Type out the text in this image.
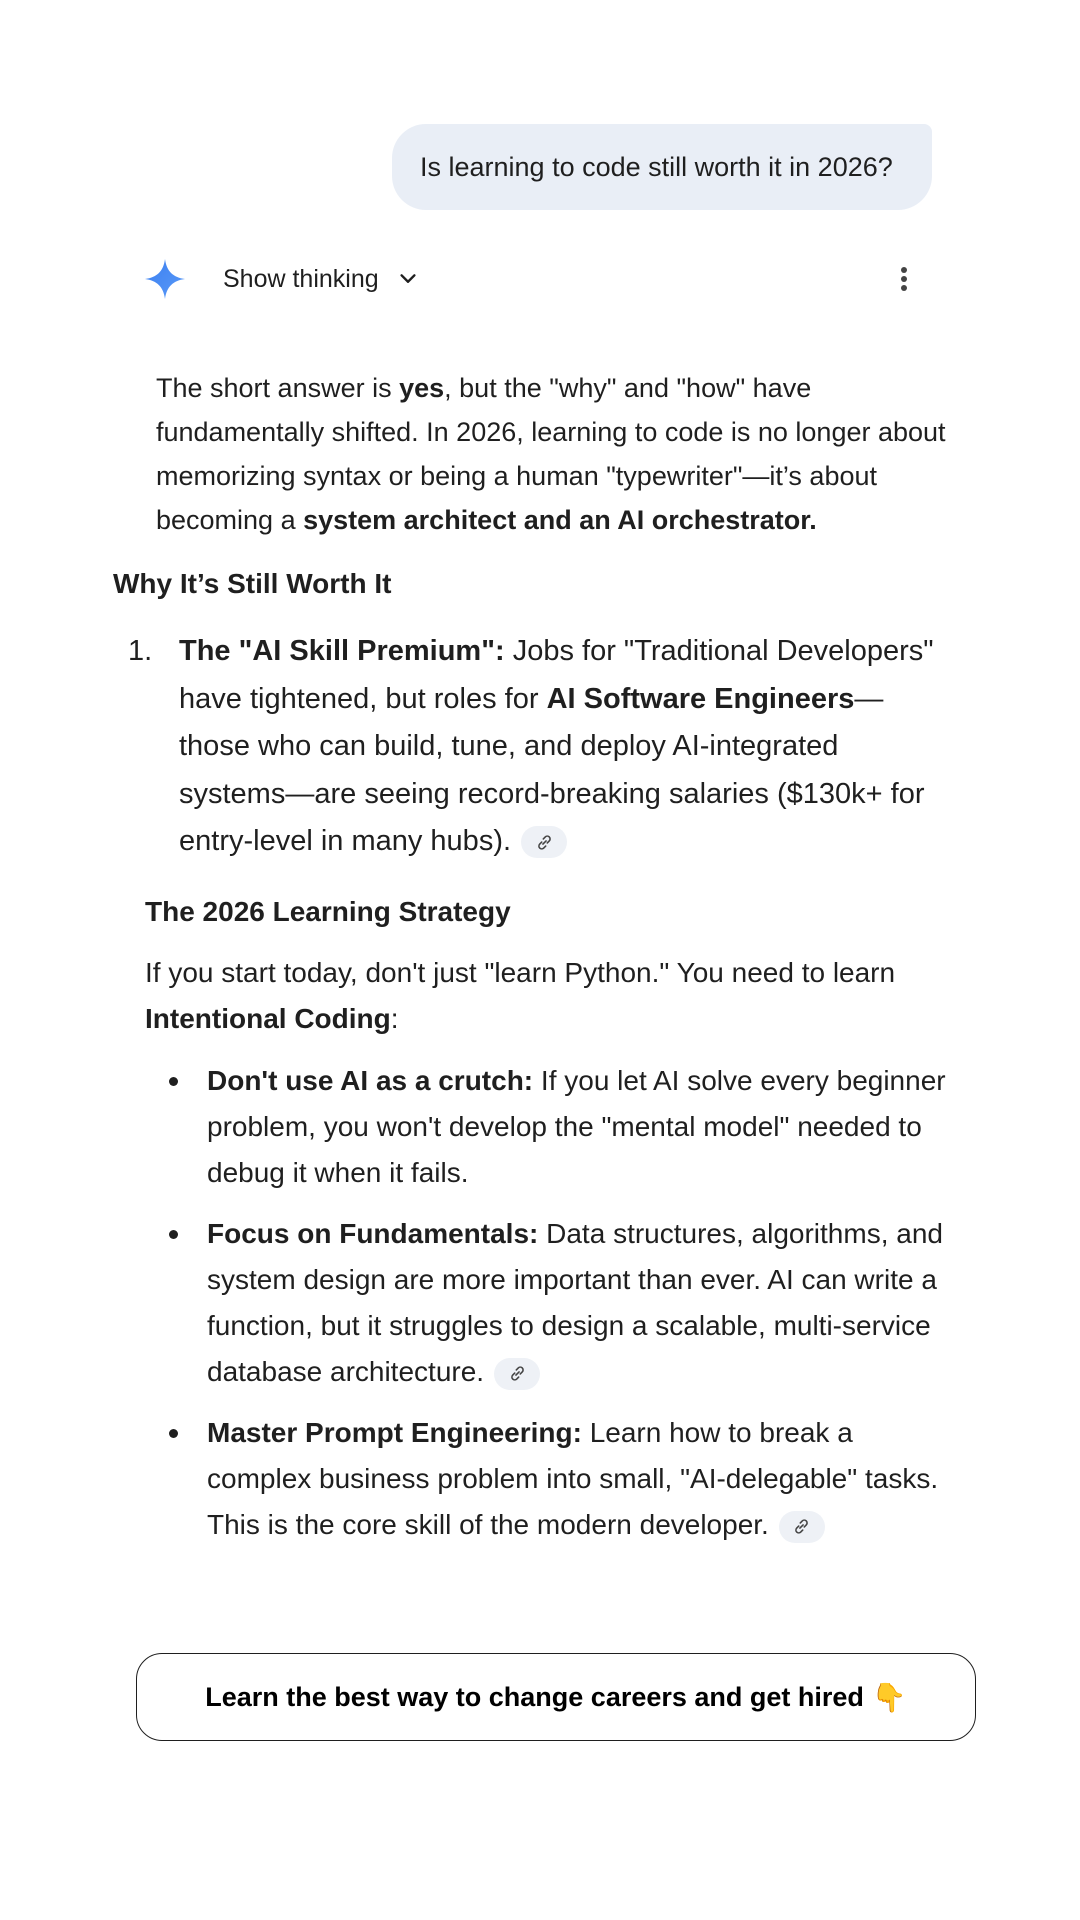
Is learning to code still worth it in 2026?
Show thinking
The short answer is yes, but the "why" and "how" have fundamentally shifted. In 2026, learning to code is no longer about memorizing syntax or being a human "typewriter"—it’s about becoming a system architect and an AI orchestrator.
Why It’s Still Worth It
1. The "AI Skill Premium": Jobs for "Traditional Developers" have tightened, but roles for AI Software Engineers—those who can build, tune, and deploy AI-integrated systems—are seeing record-breaking salaries ($130k+ for entry-level in many hubs).
The 2026 Learning Strategy
If you start today, don't just "learn Python." You need to learn Intentional Coding:
Don't use AI as a crutch: If you let AI solve every beginner problem, you won't develop the "mental model" needed to debug it when it fails.
Focus on Fundamentals: Data structures, algorithms, and system design are more important than ever. AI can write a function, but it struggles to design a scalable, multi-service database architecture.
Master Prompt Engineering: Learn how to break a complex business problem into small, "AI-delegable" tasks. This is the core skill of the modern developer.
Learn the best way to change careers and get hired 👇
